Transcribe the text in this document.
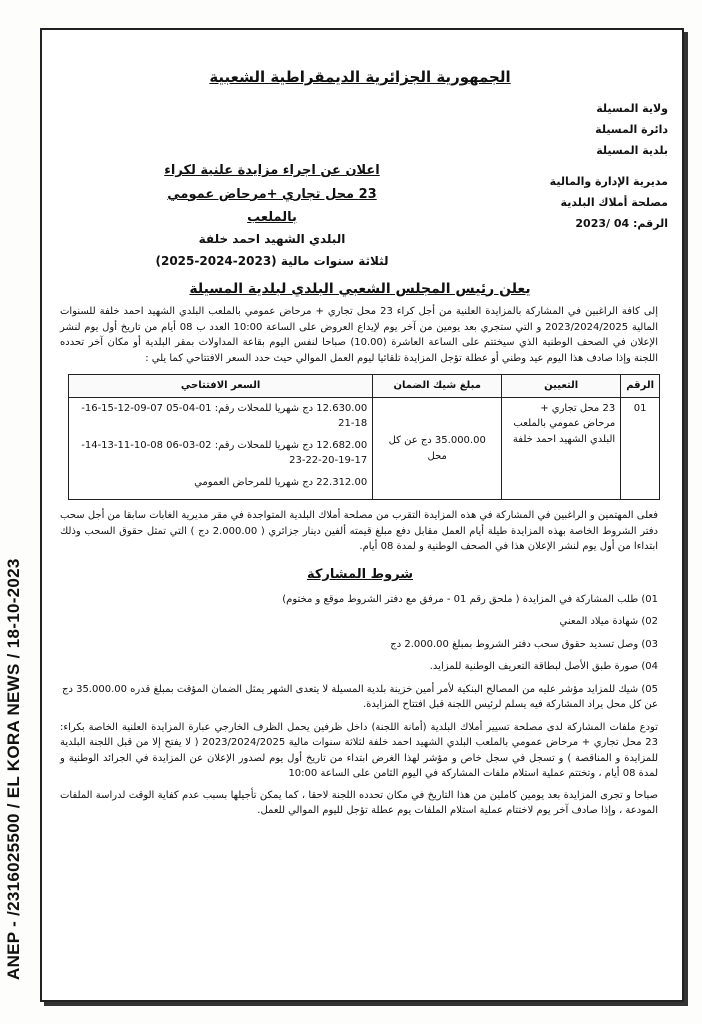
ANEP - /2316025500 / EL KORA NEWS / 18-10-2023
الجمهورية الجزائرية الديمقراطية الشعبية
ولاية المسيلة
دائرة المسيلة
بلدية المسيلة
مديرية الإدارة والمالية
مصلحة أملاك البلدية
الرقم: 04 /2023
اعلان عن اجراء مزايدة علنية لكراء
23 محل تجاري +مرحاض عمومي بالملعب
البلدي الشهيد احمد خلفة
لثلاثة سنوات مالية (2023-2024-2025)
يعلن رئيس المجلس الشعبي البلدي لبلدية المسيلة
إلى كافة الراغبين في المشاركة بالمزايدة العلنية من أجل كراء 23 محل تجاري + مرحاض عمومي بالملعب البلدي الشهيد احمد خلفة للسنوات المالية 2023/2024/2025 و التي ستجري بعد يومين من آخر يوم لإيداع العروض على الساعة 10:00 العدد ب 08 أيام من تاريخ أول يوم لنشر الإعلان في الصحف الوطنية الذي سيختتم على الساعة العاشرة (10.00) صباحا لنفس اليوم بقاعة المداولات بمقر البلدية أو مكان آخر تحدده اللجنة وإذا صادف هذا اليوم عيد وطني أو عطلة تؤجل المزايدة تلقائيا ليوم العمل الموالي حيث حدد السعر الافتتاحي كما يلي :
الرقم	التعيين	مبلغ شيك الضمان	السعر الافتتاحي
01	23 محل تجاري + مرحاض عمومي بالملعب البلدي الشهيد احمد خلفة	35.000.00 دج عن كل محل	12.630.00 دج شهريا للمحلات رقم: 01-04-05 07-09-12-15-16-18-21

12.682.00 دج شهريا للمحلات رقم: 02-03-06 08-10-11-13-14-17-19-20-22-23

22.312.00 دج شهريا للمرحاض العمومي

فعلى المهتمين و الراغبين في المشاركة في هذه المزايدة التقرب من مصلحة أملاك البلدية المتواجدة في مقر مديرية الغابات سابقا من أجل سحب دفتر الشروط الخاصة بهذه المزايدة طيلة أيام العمل مقابل دفع مبلغ قيمته ألفين دينار جزائري ( 2.000.00 دج ) التي تمثل حقوق السحب وذلك ابتداءا من أول يوم لنشر الإعلان هذا في الصحف الوطنية و لمدة 08 أيام.
شروط المشاركة
01) طلب المشاركة في المزايدة ( ملحق رقم 01 - مرفق مع دفتر الشروط موقع و مختوم)
02) شهادة ميلاد المعني
03) وصل تسديد حقوق سحب دفتر الشروط بمبلغ 2.000.00 دج
04) صورة طبق الأصل لبطاقة التعريف الوطنية للمزايد.
05) شيك للمزايد مؤشر عليه من المصالح البنكية لأمر أمين خزينة بلدية المسيلة لا يتعدى الشهر يمثل الضمان المؤقت بمبلغ قدره 35.000.00 دج عن كل محل يراد المشاركة فيه يسلم لرئيس اللجنة قبل افتتاح المزايدة.
تودع ملفات المشاركة لدى مصلحة تسيير أملاك البلدية (أمانة اللجنة) داخل ظرفين يحمل الظرف الخارجي عبارة المزايدة العلنية الخاصة بكراء: 23 محل تجاري + مرحاض عمومي بالملعب البلدي الشهيد احمد خلفة لثلاثة سنوات مالية 2023/2024/2025 ( لا يفتح إلا من قبل اللجنة البلدية للمزايدة و المناقصة ) و تسجل في سجل خاص و مؤشر لهذا الغرض ابتداء من تاريخ أول يوم لصدور الإعلان عن المزايدة في الجرائد الوطنية و لمدة 08 أيام ، وتختتم عملية استلام ملفات المشاركة في اليوم الثامن على الساعة 10:00
صباحا و تجرى المزايدة بعد يومين كاملين من هذا التاريخ في مكان تحدده اللجنة لاحقا ، كما يمكن تأجيلها بسبب عدم كفاية الوقت لدراسة الملفات المودعة ، وإذا صادف آخر يوم لاختتام عملية استلام الملفات يوم عطلة تؤجل لليوم الموالي للعمل.
